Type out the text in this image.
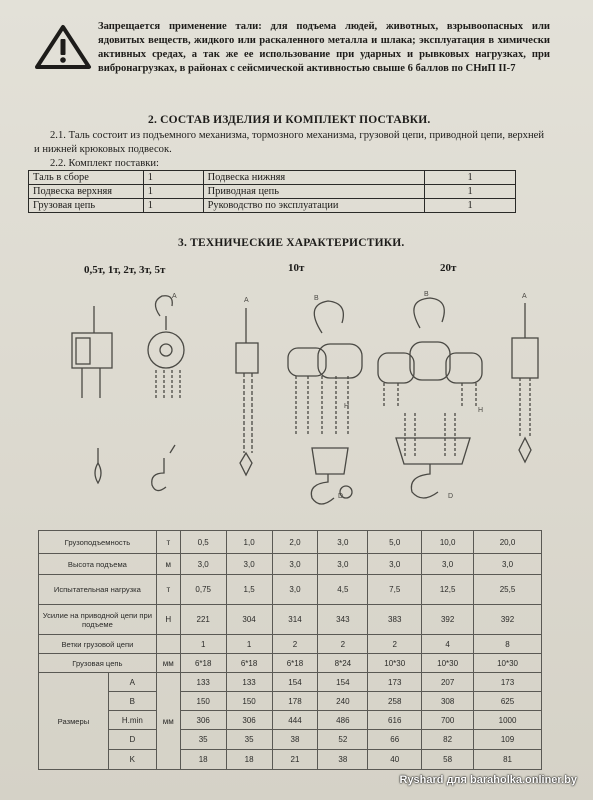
Запрещается применение тали: для подъема людей, животных, взрывоопасных или ядовитых веществ, жидкого или раскаленного металла и шлака; эксплуатация в химически активных средах, а так же ее использование при ударных и рывковых нагрузках, при вибронагрузках, в районах с сейсмической активностью свыше 6 баллов по СНиП II-7
2. СОСТАВ ИЗДЕЛИЯ И КОМПЛЕКТ ПОСТАВКИ.
2.1. Таль состоит из подъемного механизма, тормозного механизма, грузовой цепи, приводной цепи, верхней и нижней крюковых подвесок.
2.2. Комплект поставки:
Таль в сборе	1	Подвеска нижняя	1
Подвеска верхняя	1	Приводная цепь	1
Грузовая цепь	1	Руководство по эксплуатации	1
3. ТЕХНИЧЕСКИЕ ХАРАКТЕРИСТИКИ.
0,5т, 1т, 2т, 3т, 5т	10т	20т
A
A	B
H
B
H
A
D	D
Грузоподъемность		т	0,5	1,0	2,0	3,0	5,0	10,0	20,0
Высота подъема		м	3,0	3,0	3,0	3,0	3,0	3,0	3,0
Испытательная нагрузка		т	0,75	1,5	3,0	4,5	7,5	12,5	25,5
Усилие на приводной цепи при подъеме		Н	221	304	314	343	383	392	392
Ветки грузовой цепи			1	1	2	2	2	4	8
Грузовая цепь		мм	6*18	6*18	6*18	8*24	10*30	10*30	10*30
Размеры	A	мм	133	133	154	154	173	207	173
	B		150	150	178	240	258	308	625
	H.min		306	306	444	486	616	700	1000
	D		35	35	38	52	66	82	109
	K		18	18	21	38	40	58	81
Ryshard для baraholka.onliner.by
